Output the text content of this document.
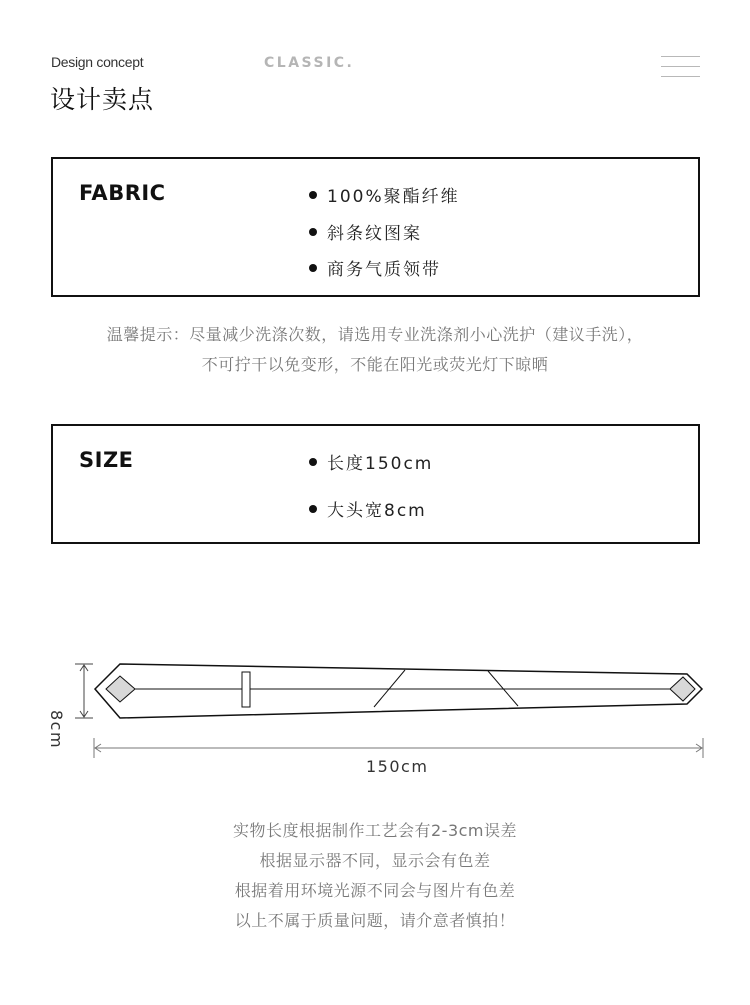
Design concept
设计卖点
CLASSIC.
FABRIC	100%聚酯纤维
斜条纹图案
商务气质领带
温馨提示：尽量减少洗涤次数，请选用专业洗涤剂小心洗护（建议手洗），
不可拧干以免变形，不能在阳光或荧光灯下晾晒
SIZE	长度150cm
大头宽8cm
8cm
150cm
实物长度根据制作工艺会有2-3cm误差
根据显示器不同，显示会有色差
根据着用环境光源不同会与图片有色差
以上不属于质量问题，请介意者慎拍！
